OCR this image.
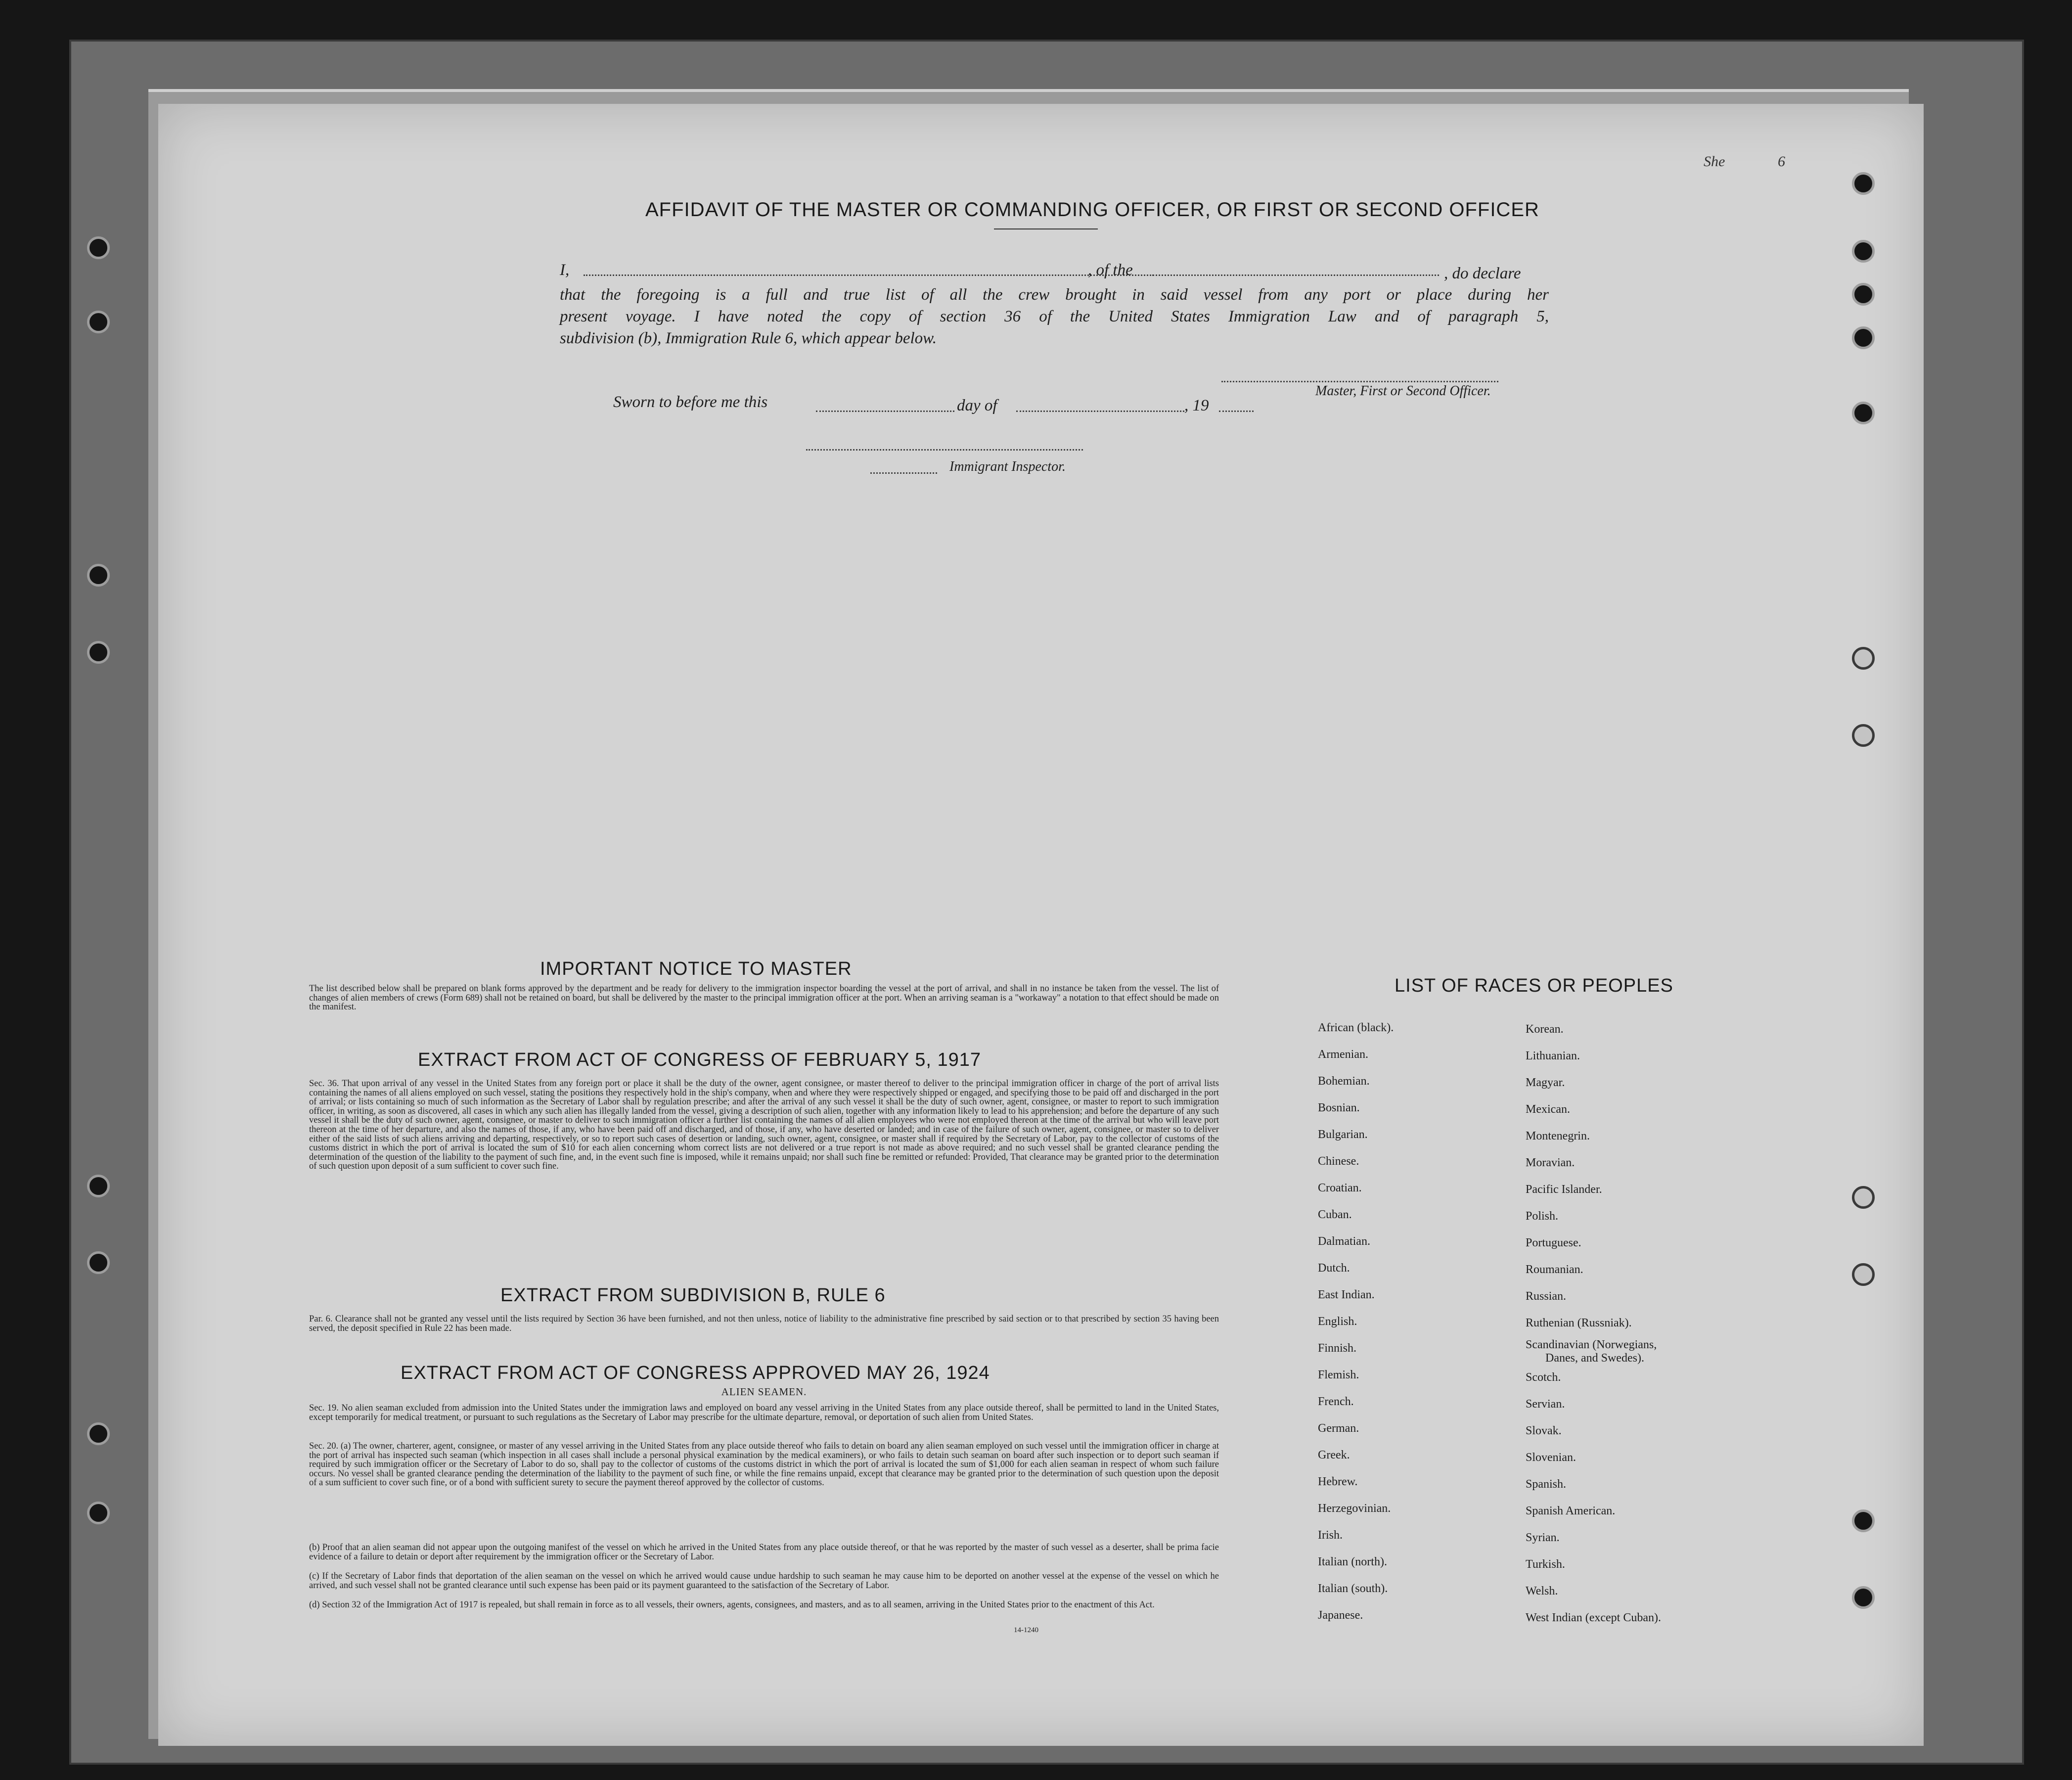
She	6
AFFIDAVIT OF THE MASTER OR COMMANDING OFFICER, OR FIRST OR SECOND OFFICER
I,	, of the	, do declare
that the foregoing is a full and true list of all the crew brought in said vessel from any port or place during her
present voyage. I have noted the copy of section 36 of the United States Immigration Law and of paragraph 5,
subdivision (b), Immigration Rule 6, which appear below.
Master, First or Second Officer.
Sworn to before me this	day of	, 19
Immigrant Inspector.
IMPORTANT NOTICE TO MASTER
The list described below shall be prepared on blank forms approved by the department and be ready for delivery to the immigration inspector boarding the vessel at the port of arrival, and shall in no instance be taken from the vessel. The list of changes of alien members of crews (Form 689) shall not be retained on board, but shall be delivered by the master to the principal immigration officer at the port. When an arriving seaman is a "workaway" a notation to that effect should be made on the manifest.
EXTRACT FROM ACT OF CONGRESS OF FEBRUARY 5, 1917
Sec. 36. That upon arrival of any vessel in the United States from any foreign port or place it shall be the duty of the owner, agent consignee, or master thereof to deliver to the principal immigration officer in charge of the port of arrival lists containing the names of all aliens employed on such vessel, stating the positions they respectively hold in the ship's company, when and where they were respectively shipped or engaged, and specifying those to be paid off and discharged in the port of arrival; or lists containing so much of such information as the Secretary of Labor shall by regulation prescribe; and after the arrival of any such vessel it shall be the duty of such owner, agent, consignee, or master to report to such immigration officer, in writing, as soon as discovered, all cases in which any such alien has illegally landed from the vessel, giving a description of such alien, together with any information likely to lead to his apprehension; and before the departure of any such vessel it shall be the duty of such owner, agent, consignee, or master to deliver to such immigration officer a further list containing the names of all alien employees who were not employed thereon at the time of the arrival but who will leave port thereon at the time of her departure, and also the names of those, if any, who have been paid off and discharged, and of those, if any, who have deserted or landed; and in case of the failure of such owner, agent, consignee, or master so to deliver either of the said lists of such aliens arriving and departing, respectively, or so to report such cases of desertion or landing, such owner, agent, consignee, or master shall if required by the Secretary of Labor, pay to the collector of customs of the customs district in which the port of arrival is located the sum of $10 for each alien concerning whom correct lists are not delivered or a true report is not made as above required; and no such vessel shall be granted clearance pending the determination of the question of the liability to the payment of such fine, and, in the event such fine is imposed, while it remains unpaid; nor shall such fine be remitted or refunded: Provided, That clearance may be granted prior to the determination of such question upon deposit of a sum sufficient to cover such fine.
EXTRACT FROM SUBDIVISION B, RULE 6
Par. 6. Clearance shall not be granted any vessel until the lists required by Section 36 have been furnished, and not then unless, notice of liability to the administrative fine prescribed by said section or to that prescribed by section 35 having been served, the deposit specified in Rule 22 has been made.
EXTRACT FROM ACT OF CONGRESS APPROVED MAY 26, 1924
ALIEN SEAMEN.
Sec. 19. No alien seaman excluded from admission into the United States under the immigration laws and employed on board any vessel arriving in the United States from any place outside thereof, shall be permitted to land in the United States, except temporarily for medical treatment, or pursuant to such regulations as the Secretary of Labor may prescribe for the ultimate departure, removal, or deportation of such alien from United States.
Sec. 20. (a) The owner, charterer, agent, consignee, or master of any vessel arriving in the United States from any place outside thereof who fails to detain on board any alien seaman employed on such vessel until the immigration officer in charge at the port of arrival has inspected such seaman (which inspection in all cases shall include a personal physical examination by the medical examiners), or who fails to detain such seaman on board after such inspection or to deport such seaman if required by such immigration officer or the Secretary of Labor to do so, shall pay to the collector of customs of the customs district in which the port of arrival is located the sum of $1,000 for each alien seaman in respect of whom such failure occurs. No vessel shall be granted clearance pending the determination of the liability to the payment of such fine, or while the fine remains unpaid, except that clearance may be granted prior to the determination of such question upon the deposit of a sum sufficient to cover such fine, or of a bond with sufficient surety to secure the payment thereof approved by the collector of customs.
(b) Proof that an alien seaman did not appear upon the outgoing manifest of the vessel on which he arrived in the United States from any place outside thereof, or that he was reported by the master of such vessel as a deserter, shall be prima facie evidence of a failure to detain or deport after requirement by the immigration officer or the Secretary of Labor.
(c) If the Secretary of Labor finds that deportation of the alien seaman on the vessel on which he arrived would cause undue hardship to such seaman he may cause him to be deported on another vessel at the expense of the vessel on which he arrived, and such vessel shall not be granted clearance until such expense has been paid or its payment guaranteed to the satisfaction of the Secretary of Labor.
(d) Section 32 of the Immigration Act of 1917 is repealed, but shall remain in force as to all vessels, their owners, agents, consignees, and masters, and as to all seamen, arriving in the United States prior to the enactment of this Act.
14-1240
LIST OF RACES OR PEOPLES
African (black).
Armenian.
Bohemian.
Bosnian.
Bulgarian.
Chinese.
Croatian.
Cuban.
Dalmatian.
Dutch.
East Indian.
English.
Finnish.
Flemish.
French.
German.
Greek.
Hebrew.
Herzegovinian.
Irish.
Italian (north).
Italian (south).
Japanese.
Korean.
Lithuanian.
Magyar.
Mexican.
Montenegrin.
Moravian.
Pacific Islander.
Polish.
Portuguese.
Roumanian.
Russian.
Ruthenian (Russniak).
Scandinavian (Norwegians,
Danes, and Swedes).
Scotch.
Servian.
Slovak.
Slovenian.
Spanish.
Spanish American.
Syrian.
Turkish.
Welsh.
West Indian (except Cuban).
